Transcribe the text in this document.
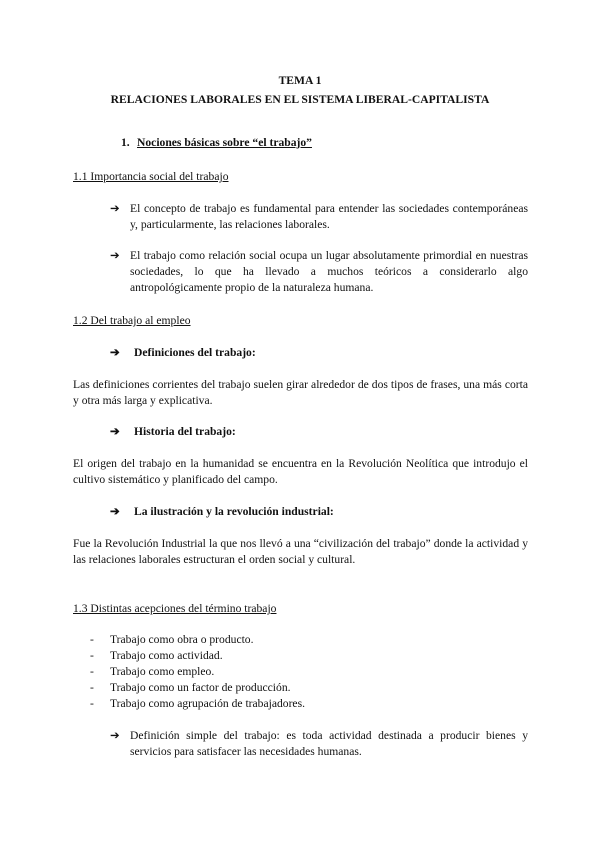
TEMA 1
RELACIONES LABORALES EN EL SISTEMA LIBERAL-CAPITALISTA
1. Nociones básicas sobre “el trabajo”
1.1 Importancia social del trabajo
➔ El concepto de trabajo es fundamental para entender las sociedades contemporáneas y, particularmente, las relaciones laborales.
➔ El trabajo como relación social ocupa un lugar absolutamente primordial en nuestras sociedades, lo que ha llevado a muchos teóricos a considerarlo algo antropológicamente propio de la naturaleza humana.
1.2 Del trabajo al empleo
➔	Definiciones del trabajo:
Las definiciones corrientes del trabajo suelen girar alrededor de dos tipos de frases, una más corta y otra más larga y explicativa.
➔	Historia del trabajo:
El origen del trabajo en la humanidad se encuentra en la Revolución Neolítica que introdujo el cultivo sistemático y planificado del campo.
➔	La ilustración y la revolución industrial:
Fue la Revolución Industrial la que nos llevó a una “civilización del trabajo” donde la actividad y las relaciones laborales estructuran el orden social y cultural.
1.3 Distintas acepciones del término trabajo
-	Trabajo como obra o producto.
-	Trabajo como actividad.
-	Trabajo como empleo.
-	Trabajo como un factor de producción.
-	Trabajo como agrupación de trabajadores.
➔ Definición simple del trabajo: es toda actividad destinada a producir bienes y servicios para satisfacer las necesidades humanas.
